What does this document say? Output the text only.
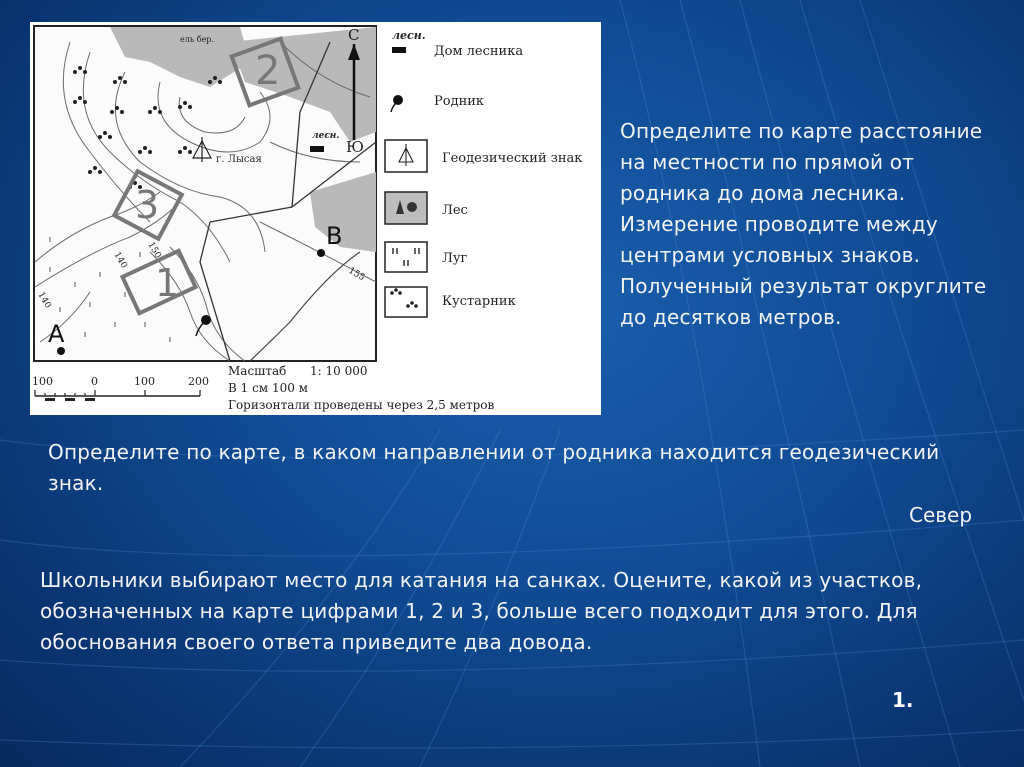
2
3
1
150
140
155
140
г. Лысая
ель бер.
лесн.
A
B
С
Ю
лесн.
Дом лесника
Родник
Геодезический знак
Лес
Луг
Кустарник
100	0	100	200
Масштаб 1: 10 000
В 1 см 100 м
Горизонтали проведены через 2,5 метров
Определите по карте расстояние на местности по прямой от родника до дома лесника. Измерение проводите между центрами условных знаков. Полученный результат округлите до десятков метров.
Определите по карте, в каком направлении от родника находится геодезический знак.
Север
Школьники выбирают место для катания на санках. Оцените, какой из участков, обозначенных на карте цифрами 1, 2 и 3, больше всего подходит для этого. Для обоснования своего ответа приведите два довода.
1.
